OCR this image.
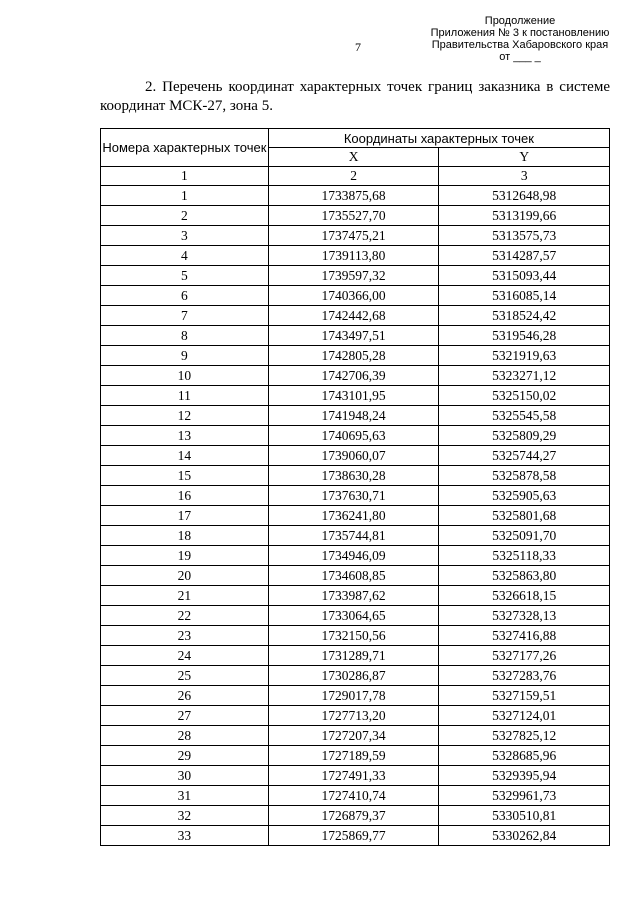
Продолжение
Приложения № 3 к постановлению
Правительства Хабаровского края
от ___ _
7

2. Перечень координат характерных точек границ заказника в системе координат МСК-27, зона 5.

Номера характерных точек	Координаты характерных точек	
	X	Y
1	2	3
1	1733875,68	5312648,98
2	1735527,70	5313199,66
3	1737475,21	5313575,73
4	1739113,80	5314287,57
5	1739597,32	5315093,44
6	1740366,00	5316085,14
7	1742442,68	5318524,42
8	1743497,51	5319546,28
9	1742805,28	5321919,63
10	1742706,39	5323271,12
11	1743101,95	5325150,02
12	1741948,24	5325545,58
13	1740695,63	5325809,29
14	1739060,07	5325744,27
15	1738630,28	5325878,58
16	1737630,71	5325905,63
17	1736241,80	5325801,68
18	1735744,81	5325091,70
19	1734946,09	5325118,33
20	1734608,85	5325863,80
21	1733987,62	5326618,15
22	1733064,65	5327328,13
23	1732150,56	5327416,88
24	1731289,71	5327177,26
25	1730286,87	5327283,76
26	1729017,78	5327159,51
27	1727713,20	5327124,01
28	1727207,34	5327825,12
29	1727189,59	5328685,96
30	1727491,33	5329395,94
31	1727410,74	5329961,73
32	1726879,37	5330510,81
33	1725869,77	5330262,84
